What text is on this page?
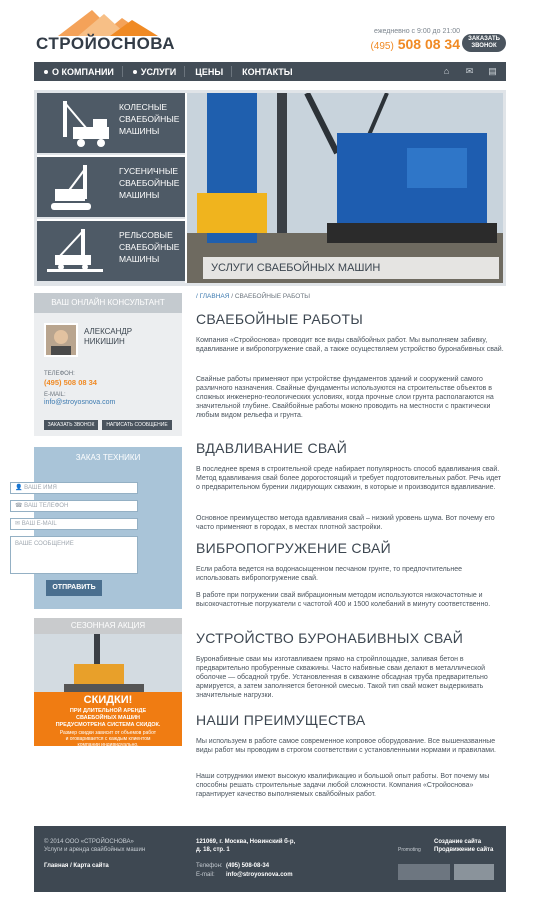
СТРОЙОСНОВА
ежедневно с 9:00 до 21:00
(495) 508 08 34	ЗАКАЗАТЬ
ЗВОНОК
О КОМПАНИИ	УСЛУГИ ЦЕНЫ КОНТАКТЫ	⌂	✉ ▤
КОЛЕСНЫЕ
СВАЕБОЙНЫЕ
МАШИНЫ
ГУСЕНИЧНЫЕ
СВАЕБОЙНЫЕ
МАШИНЫ
РЕЛЬСОВЫЕ
СВАЕБОЙНЫЕ
МАШИНЫ
УСЛУГИ СВАЕБОЙНЫХ МАШИН
ВАШ ОНЛАЙН КОНСУЛЬТАНТ
АЛЕКСАНДР
НИКИШИН
ТЕЛЕФОН:
(495) 508 08 34
E-MAIL:
info@stroyosnova.com
ЗАКАЗАТЬ ЗВОНОК	НАПИСАТЬ СООБЩЕНИЕ
ЗАКАЗ ТЕХНИКИ
👤 ВАШЕ ИМЯ
☎ ВАШ ТЕЛЕФОН
✉ ВАШ E-MAIL
ВАШЕ СООБЩЕНИЕ
ОТПРАВИТЬ
СЕЗОННАЯ АКЦИЯ
СКИДКИ!
ПРИ ДЛИТЕЛЬНОЙ АРЕНДЕ
СВАЕБОЙНЫХ МАШИН
ПРЕДУСМОТРЕНА СИСТЕМА СКИДОК.
Размер скидки зависит от объемов работ
и оговаривается с каждым клиентом
компании индивидуально.
/ ГЛАВНАЯ / СВАЕБОЙНЫЕ РАБОТЫ
СВАЕБОЙНЫЕ РАБОТЫ
Компания «Стройоснова» проводит все виды свайбойных работ. Мы выполняем забивку, вдавливание и вибропогружение свай, а также осуществляем устройство буронабивных свай.
Свайные работы применяют при устройстве фундаментов зданий и сооружений самого различного назначения. Свайные фундаменты используются на строительстве объектов в сложных инженерно-геологических условиях, когда прочные слои грунта располагаются на значительной глубине. Свайбойные работы можно проводить на местности с практически любым видом рельефа и грунта.
ВДАВЛИВАНИЕ СВАЙ
В последнее время в строительной среде набирает популярность способ вдавливания свай. Метод вдавливания свай более дорогостоящий и требует подготовительных работ. Речь идет о предварительном бурении лидирующих скважин, в которые и производится вдавливание.
Основное преимущество метода вдавливания свай – низкий уровень шума. Вот почему его часто применяют в городах, в местах плотной застройки.
ВИБРОПОГРУЖЕНИЕ СВАЙ
Если работа ведется на водонасыщенном песчаном грунте, то предпочтительнее использовать вибропогружение свай.
В работе при погружении свай вибрационным методом используются низкочастотные и высокочастотные погружатели с частотой 400 и 1500 колебаний в минуту соответственно.
УСТРОЙСТВО БУРОНАБИВНЫХ СВАЙ
Буронабивные сваи мы изготавливаем прямо на стройплощадке, заливая бетон в предварительно пробуренные скважины. Часто набивные сваи делают в металлической оболочке — обсадной трубе. Установленная в скважине обсадная труба предварительно армируется, а затем заполняется бетонной смесью. Такой тип свай может выдерживать значительные нагрузки.
НАШИ ПРЕИМУЩЕСТВА
Мы используем в работе самое современное копровое оборудование. Все вышеназванные виды работ мы проводим в строгом соответствии с установленными нормами и правилами.
Наши сотрудники имеют высокую квалификацию и большой опыт работы. Вот почему мы способны решать строительные задачи любой сложности. Компания «Стройоснова» гарантирует качество выполняемых свайбойных работ.
© 2014 ООО «СТРОЙОСНОВА»
Услуги и аренда свайбойных машин
Главная / Карта сайта
121069, г. Москва, Новинский б-р,
д. 18, стр. 1
Телефон: (495) 508-08-34
E-mail: info@stroyosnova.com
Promoting
Создание сайта
Продвижение сайта
